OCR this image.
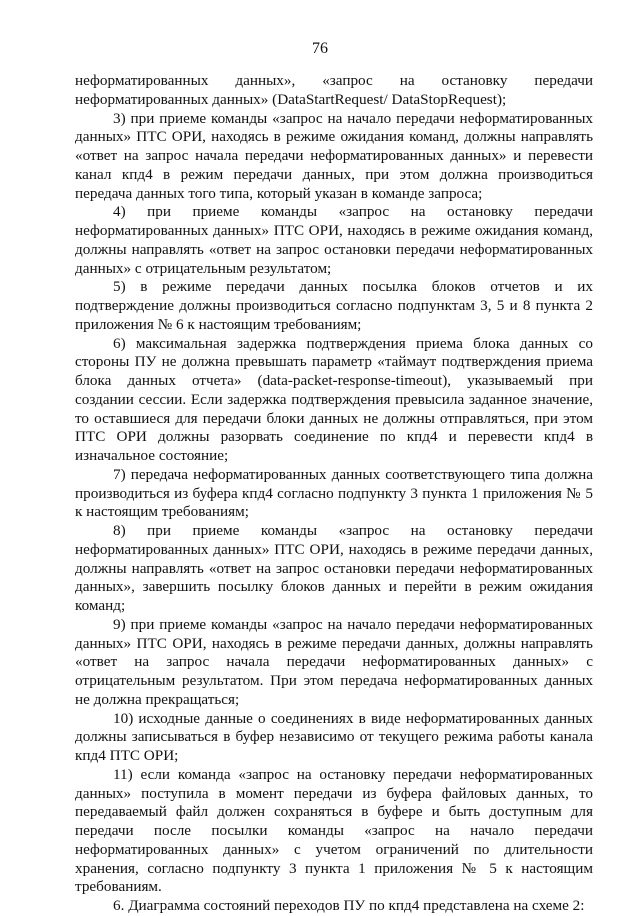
76

неформатированных данных», «запрос на остановку передачи неформатированных данных» (DataStartRequest/ DataStopRequest);

3) при приеме команды «запрос на начало передачи неформатированных данных» ПТС ОРИ, находясь в режиме ожидания команд, должны направлять «ответ на запрос начала передачи неформатированных данных» и перевести канал кпд4 в режим передачи данных, при этом должна производиться передача данных того типа, который указан в команде запроса;

4) при приеме команды «запрос на остановку передачи неформатированных данных» ПТС ОРИ, находясь в режиме ожидания команд, должны направлять «ответ на запрос остановки передачи неформатированных данных» с отрицательным результатом;

5) в режиме передачи данных посылка блоков отчетов и их подтверждение должны производиться согласно подпунктам 3, 5 и 8 пункта 2 приложения № 6 к настоящим требованиям;

6) максимальная задержка подтверждения приема блока данных со стороны ПУ не должна превышать параметр «таймаут подтверждения приема блока данных отчета» (data-packet-response-timeout), указываемый при создании сессии. Если задержка подтверждения превысила заданное значение, то оставшиеся для передачи блоки данных не должны отправляться, при этом ПТС ОРИ должны разорвать соединение по кпд4 и перевести кпд4 в изначальное состояние;

7) передача неформатированных данных соответствующего типа должна производиться из буфера кпд4 согласно подпункту 3 пункта 1 приложения № 5 к настоящим требованиям;

8) при приеме команды «запрос на остановку передачи неформатированных данных» ПТС ОРИ, находясь в режиме передачи данных, должны направлять «ответ на запрос остановки передачи неформатированных данных», завершить посылку блоков данных и перейти в режим ожидания команд;

9) при приеме команды «запрос на начало передачи неформатированных данных» ПТС ОРИ, находясь в режиме передачи данных, должны направлять «ответ на запрос начала передачи неформатированных данных» с отрицательным результатом. При этом передача неформатированных данных не должна прекращаться;

10) исходные данные о соединениях в виде неформатированных данных должны записываться в буфер независимо от текущего режима работы канала кпд4 ПТС ОРИ;

11) если команда «запрос на остановку передачи неформатированных данных» поступила в момент передачи из буфера файловых данных, то передаваемый файл должен сохраняться в буфере и быть доступным для передачи после посылки команды «запрос на начало передачи неформатированных данных» с учетом ограничений по длительности хранения, согласно подпункту 3 пункта 1 приложения № 5 к настоящим требованиям.

6. Диаграмма состояний переходов ПУ по кпд4 представлена на схеме 2:
